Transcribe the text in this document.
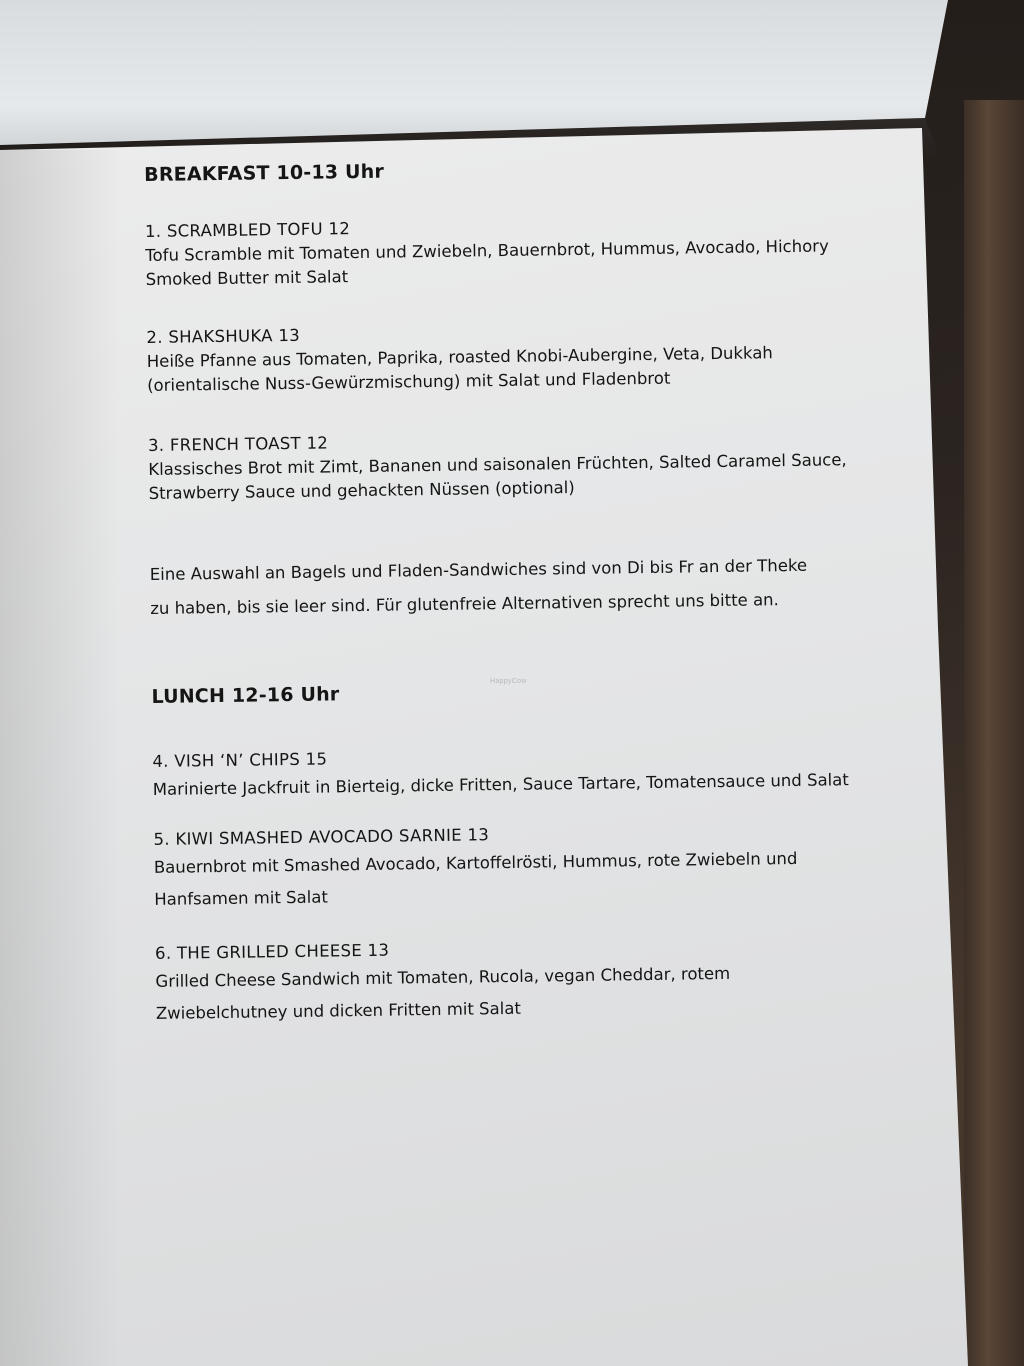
BREAKFAST 10-13 Uhr
1. SCRAMBLED TOFU 12
Tofu Scramble mit Tomaten und Zwiebeln, Bauernbrot, Hummus, Avocado, Hichory Smoked Butter mit Salat
2. SHAKSHUKA 13
Heiße Pfanne aus Tomaten, Paprika, roasted Knobi-Aubergine, Veta, Dukkah (orientalische Nuss-Gewürzmischung) mit Salat und Fladenbrot
3. FRENCH TOAST 12
Klassisches Brot mit Zimt, Bananen und saisonalen Früchten, Salted Caramel Sauce, Strawberry Sauce und gehackten Nüssen (optional)
Eine Auswahl an Bagels und Fladen-Sandwiches sind von Di bis Fr an der Theke zu haben, bis sie leer sind. Für glutenfreie Alternativen sprecht uns bitte an.
LUNCH 12-16 Uhr
4. VISH ‘N’ CHIPS 15
Marinierte Jackfruit in Bierteig, dicke Fritten, Sauce Tartare, Tomatensauce und Salat
5. KIWI SMASHED AVOCADO SARNIE 13
Bauernbrot mit Smashed Avocado, Kartoffelrösti, Hummus, rote Zwiebeln und Hanfsamen mit Salat
6. THE GRILLED CHEESE 13
Grilled Cheese Sandwich mit Tomaten, Rucola, vegan Cheddar, rotem Zwiebelchutney und dicken Fritten mit Salat
HappyCow
